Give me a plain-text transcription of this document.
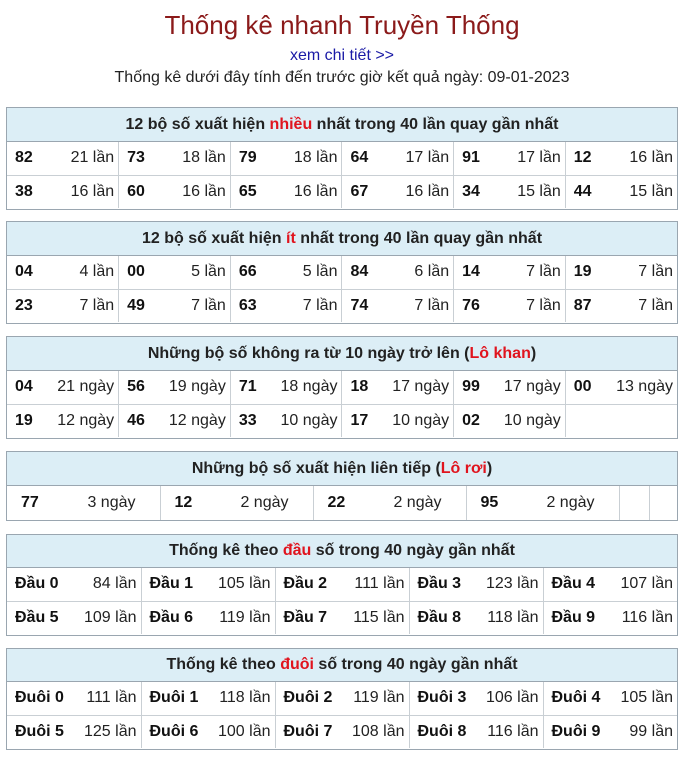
Thống kê nhanh Truyền Thống
xem chi tiết >>
Thống kê dưới đây tính đến trước giờ kết quả ngày: 09-01-2023
12 bộ số xuất hiện nhiều nhất trong 40 lần quay gần nhất
82 21 lần	73 18 lần	79 18 lần	64 17 lần	91 17 lần	12 16 lần

38 16 lần	60 16 lần	65 16 lần	67 16 lần	34 15 lần	44 15 lần
12 bộ số xuất hiện ít nhất trong 40 lần quay gần nhất
04 4 lần	00 5 lần	66 5 lần	84 6 lần	14 7 lần	19 7 lần

23 7 lần	49 7 lần	63 7 lần	74 7 lần	76 7 lần	87 7 lần
Những bộ số không ra từ 10 ngày trở lên (Lô khan)
04 21 ngày	56 19 ngày	71 18 ngày	18 17 ngày	99 17 ngày	00 13 ngày

19 12 ngày	46 12 ngày	33 10 ngày	17 10 ngày	02 10 ngày	

Những bộ số xuất hiện liên tiếp (Lô rơi)
77	3 ngày	12	2 ngày	22	2 ngày	95	2 ngày

Thống kê theo đầu số trong 40 ngày gần nhất
Đầu 0 84 lần	Đầu 1 105 lần	Đầu 2 111 lần	Đầu 3 123 lần	Đầu 4 107 lần

Đầu 5 109 lần	Đầu 6 119 lần	Đầu 7 115 lần	Đầu 8 118 lần	Đầu 9 116 lần
Thống kê theo đuôi số trong 40 ngày gần nhất
Đuôi 0 111 lần	Đuôi 1 118 lần	Đuôi 2 119 lần	Đuôi 3 106 lần	Đuôi 4 105 lần

Đuôi 5 125 lần	Đuôi 6 100 lần	Đuôi 7 108 lần	Đuôi 8 116 lần	Đuôi 9 99 lần
